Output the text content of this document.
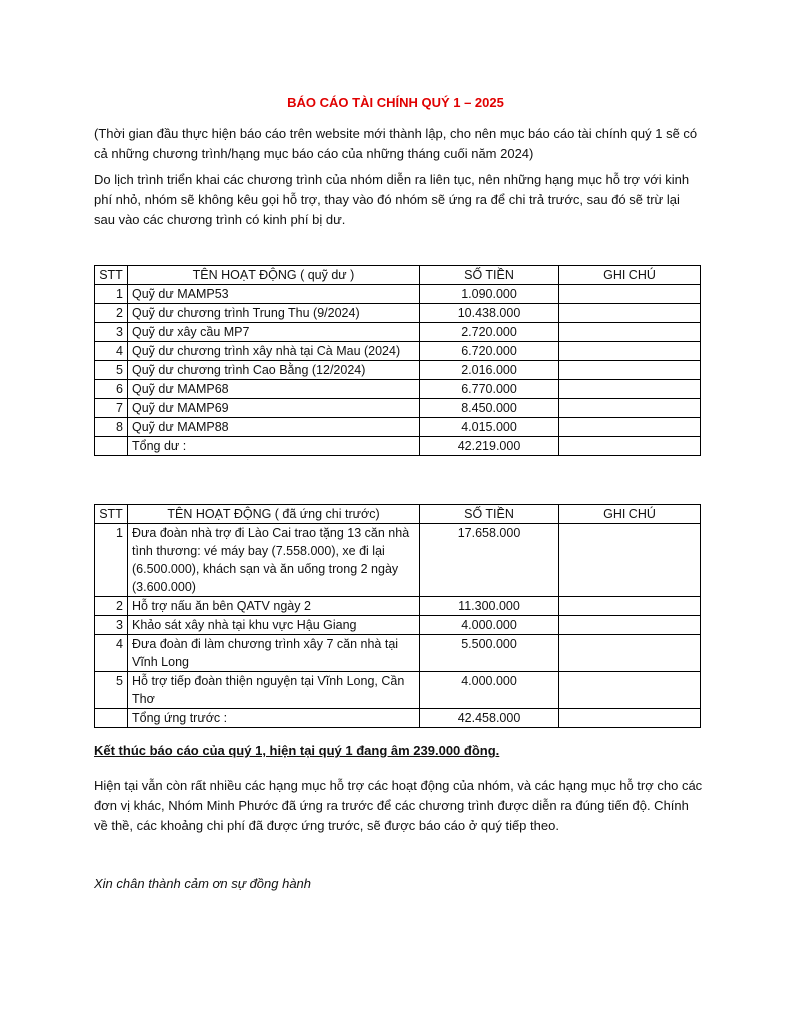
BÁO CÁO TÀI CHÍNH QUÝ 1 – 2025
(Thời gian đầu thực hiện báo cáo trên website mới thành lập, cho nên mục báo cáo tài chính quý 1 sẽ có cả những chương trình/hạng mục báo cáo của những tháng cuối năm 2024)
Do lịch trình triển khai các chương trình của nhóm diễn ra liên tục, nên những hạng mục hỗ trợ với kinh phí nhỏ, nhóm sẽ không kêu gọi hỗ trợ, thay vào đó nhóm sẽ ứng ra để chi trả trước, sau đó sẽ trừ lại sau vào các chương trình có kinh phí bị dư.
STT	TÊN HOẠT ĐỘNG ( quỹ dư )	SỐ TIỀN	GHI CHÚ
1	Quỹ dư MAMP53	1.090.000	
2	Quỹ dư chương trình Trung Thu (9/2024)	10.438.000	
3	Quỹ dư xây cầu MP7	2.720.000	
4	Quỹ dư chương trình xây nhà tại Cà Mau (2024)	6.720.000	
5	Quỹ dư chương trình Cao Bằng (12/2024)	2.016.000	
6	Quỹ dư MAMP68	6.770.000	
7	Quỹ dư MAMP69	8.450.000	
8	Quỹ dư MAMP88	4.015.000	
	Tổng dư :	42.219.000	
STT	TÊN HOẠT ĐỘNG ( đã ứng chi trước)	SỐ TIỀN	GHI CHÚ
1	Đưa đoàn nhà trợ đi Lào Cai trao tặng 13 căn nhà tình thương: vé máy bay (7.558.000), xe đi lại (6.500.000), khách sạn và ăn uống trong 2 ngày (3.600.000)	17.658.000	
2	Hỗ trợ nấu ăn bên QATV ngày 2	11.300.000	
3	Khảo sát xây nhà tại khu vực Hậu Giang	4.000.000	
4	Đưa đoàn đi làm chương trình xây 7 căn nhà tại Vĩnh Long	5.500.000	
5	Hỗ trợ tiếp đoàn thiện nguyện tại Vĩnh Long, Cần Thơ	4.000.000	
	Tổng ứng trước :	42.458.000	
Kết thúc báo cáo của quý 1, hiện tại quý 1 đang âm 239.000 đồng.
Hiện tại vẫn còn rất nhiều các hạng mục hỗ trợ các hoạt động của nhóm, và các hạng mục hỗ trợ cho các đơn vị khác, Nhóm Minh Phước đã ứng ra trước để các chương trình được diễn ra đúng tiến độ. Chính về thề, các khoảng chi phí đã được ứng trước, sẽ được báo cáo ở quý tiếp theo.
Xin chân thành cảm ơn sự đồng hành
